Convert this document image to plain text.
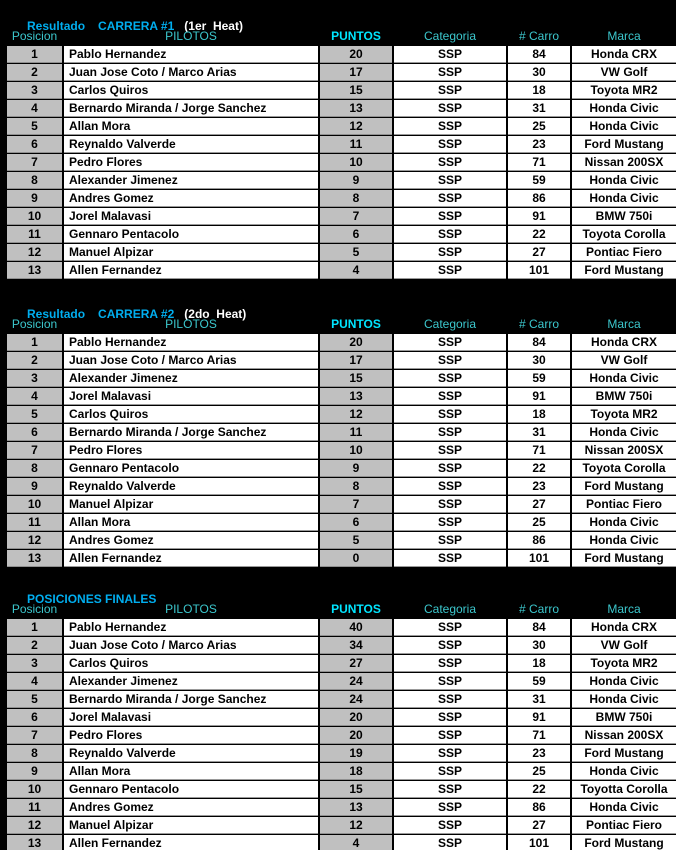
Resultado CARRERA #1 (1er  Heat)

Posicion	PILOTOS	PUNTOS	Categoria	# Carro	Marca
1	Pablo Hernandez	20	SSP	84	Honda CRX
2	Juan Jose Coto / Marco Arias	17	SSP	30	VW Golf
3	Carlos Quiros	15	SSP	18	Toyota MR2
4	Bernardo Miranda / Jorge Sanchez	13	SSP	31	Honda Civic
5	Allan Mora	12	SSP	25	Honda Civic
6	Reynaldo Valverde	11	SSP	23	Ford Mustang
7	Pedro Flores	10	SSP	71	Nissan 200SX
8	Alexander Jimenez	9	SSP	59	Honda Civic
9	Andres Gomez	8	SSP	86	Honda Civic
10	Jorel Malavasi	7	SSP	91	BMW 750i
11	Gennaro Pentacolo	6	SSP	22	Toyota Corolla
12	Manuel Alpizar	5	SSP	27	Pontiac Fiero
13	Allen Fernandez	4	SSP	101	Ford Mustang

Resultado CARRERA #2 (2do  Heat)

Posicion	PILOTOS	PUNTOS	Categoria	# Carro	Marca
1	Pablo Hernandez	20	SSP	84	Honda CRX
2	Juan Jose Coto / Marco Arias	17	SSP	30	VW Golf
3	Alexander Jimenez	15	SSP	59	Honda Civic
4	Jorel Malavasi	13	SSP	91	BMW 750i
5	Carlos Quiros	12	SSP	18	Toyota MR2
6	Bernardo Miranda / Jorge Sanchez	11	SSP	31	Honda Civic
7	Pedro Flores	10	SSP	71	Nissan 200SX
8	Gennaro Pentacolo	9	SSP	22	Toyota Corolla
9	Reynaldo Valverde	8	SSP	23	Ford Mustang
10	Manuel Alpizar	7	SSP	27	Pontiac Fiero
11	Allan Mora	6	SSP	25	Honda Civic
12	Andres Gomez	5	SSP	86	Honda Civic
13	Allen Fernandez	0	SSP	101	Ford Mustang

POSICIONES FINALES

Posicion	PILOTOS	PUNTOS	Categoria	# Carro	Marca
1	Pablo Hernandez	40	SSP	84	Honda CRX
2	Juan Jose Coto / Marco Arias	34	SSP	30	VW Golf
3	Carlos Quiros	27	SSP	18	Toyota MR2
4	Alexander Jimenez	24	SSP	59	Honda Civic
5	Bernardo Miranda / Jorge Sanchez	24	SSP	31	Honda Civic
6	Jorel Malavasi	20	SSP	91	BMW 750i
7	Pedro Flores	20	SSP	71	Nissan 200SX
8	Reynaldo Valverde	19	SSP	23	Ford Mustang
9	Allan Mora	18	SSP	25	Honda Civic
10	Gennaro Pentacolo	15	SSP	22	Toyotta Corolla
11	Andres Gomez	13	SSP	86	Honda Civic
12	Manuel Alpizar	12	SSP	27	Pontiac Fiero
13	Allen Fernandez	4	SSP	101	Ford Mustang
